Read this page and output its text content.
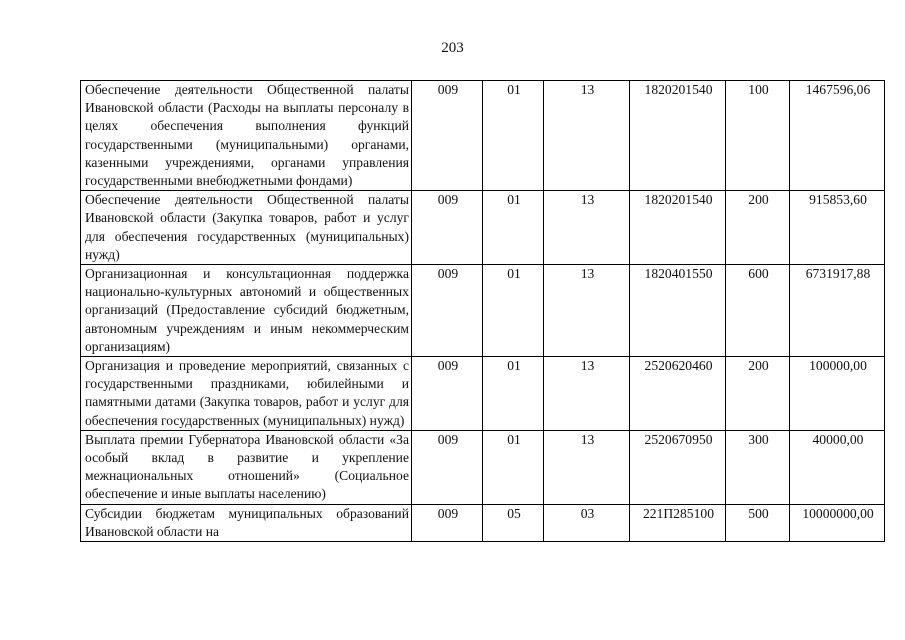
203
Обеспечение деятельности Общественной палаты Ивановской области (Расходы на выплаты персоналу в целях обеспечения выполнения функций государственными (муниципальными) органами, казенными учреждениями, органами управления государственными внебюджетными фондами)	009	01	13	1820201540	100	1467596,06
Обеспечение деятельности Общественной палаты Ивановской области (Закупка товаров, работ и услуг для обеспечения государственных (муниципальных) нужд)	009	01	13	1820201540	200	915853,60
Организационная и консультационная поддержка национально-культурных автономий и общественных организаций (Предоставление субсидий бюджетным, автономным учреждениям и иным некоммерческим организациям)	009	01	13	1820401550	600	6731917,88
Организация и проведение мероприятий, связанных с государственными праздниками, юбилейными и памятными датами (Закупка товаров, работ и услуг для обеспечения государственных (муниципальных) нужд)	009	01	13	2520620460	200	100000,00
Выплата премии Губернатора Ивановской области «За особый вклад в развитие и укрепление межнациональных отношений» (Социальное обеспечение и иные выплаты населению)	009	01	13	2520670950	300	40000,00
Субсидии бюджетам муниципальных образований Ивановской области на	009	05	03	221П285100	500	10000000,00
